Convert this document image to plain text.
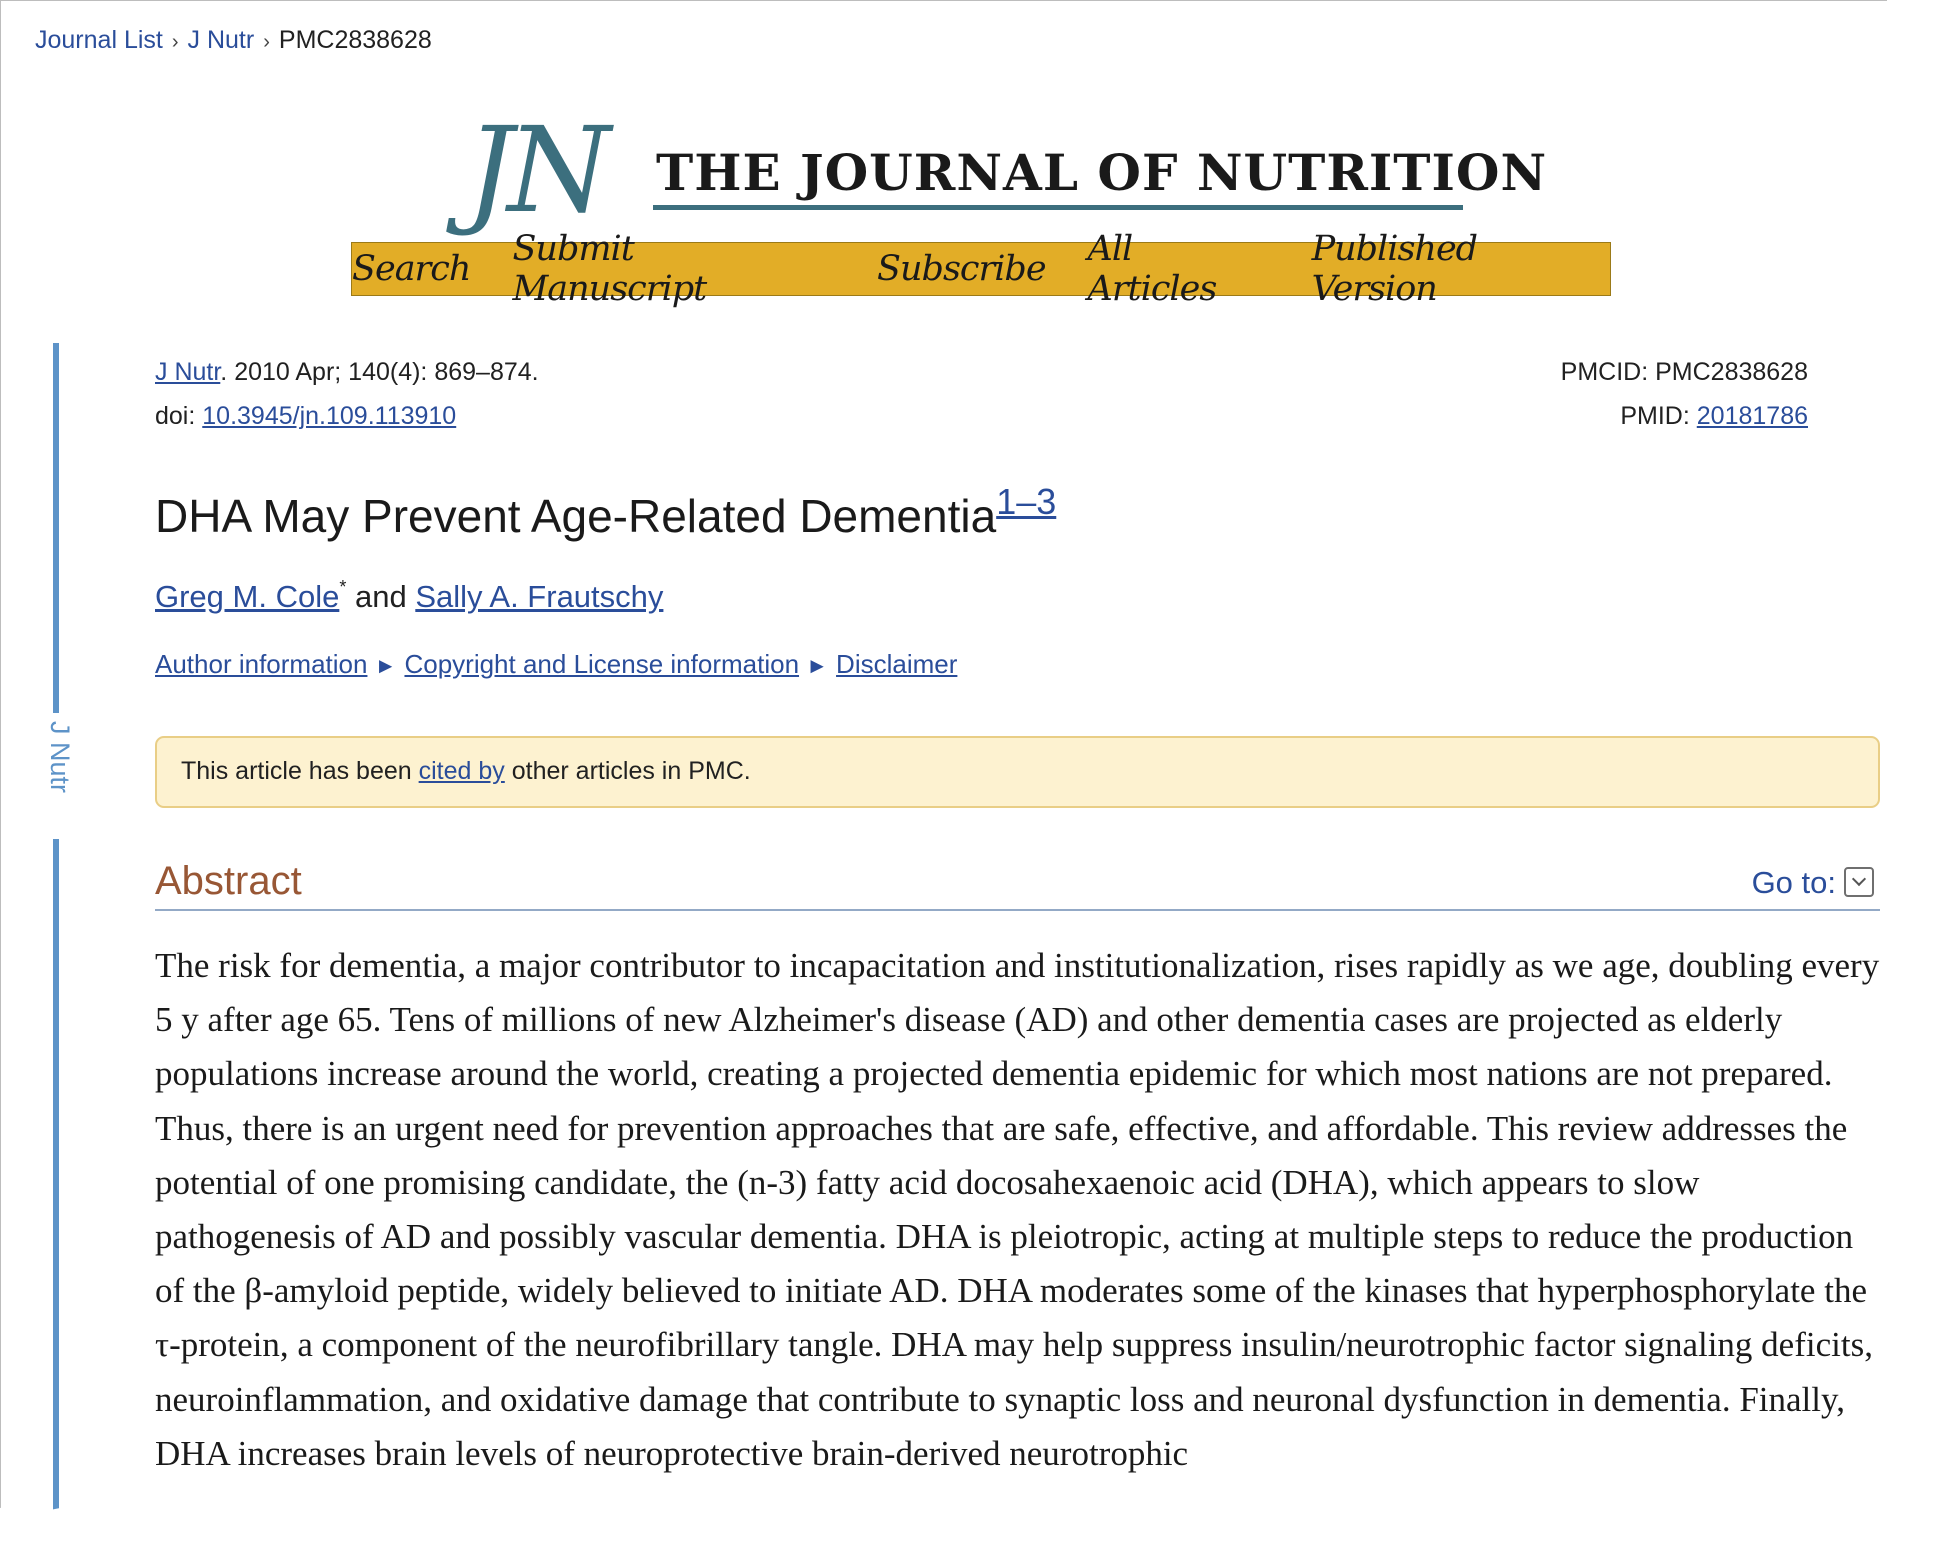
Journal List › J Nutr › PMC2838628
JN THE JOURNAL OF NUTRITION
Search Submit Manuscript	Subscribe All Articles
Published Version
J Nutr
J Nutr. 2010 Apr; 140(4): 869–874.
doi: 10.3945/jn.109.113910
PMCID: PMC2838628
PMID: 20181786
DHA May Prevent Age-Related Dementia$^{1-3}$
Greg M. Cole* and Sally A. Frautschy
Author information ► Copyright and License information ► Disclaimer
This article has been cited by other articles in PMC.
Abstract	Go to:

The risk for dementia, a major contributor to incapacitation and institutionalization, rises rapidly as we age, doubling every 5 y after age 65. Tens of millions of new Alzheimer's disease (AD) and other dementia cases are projected as elderly populations increase around the world, creating a projected dementia epidemic for which most nations are not prepared. Thus, there is an urgent need for prevention approaches that are safe, effective, and affordable. This review addresses the potential of one promising candidate, the (n-3) fatty acid docosahexaenoic acid (DHA), which appears to slow pathogenesis of AD and possibly vascular dementia. DHA is pleiotropic, acting at multiple steps to reduce the production of the β-amyloid peptide, widely believed to initiate AD. DHA moderates some of the kinases that hyperphosphorylate the τ-protein, a component of the neurofibrillary tangle. DHA may help suppress insulin/neurotrophic factor signaling deficits, neuroinflammation, and oxidative damage that contribute to synaptic loss and neuronal dysfunction in dementia. Finally, DHA increases brain levels of neuroprotective brain-derived neurotrophic
